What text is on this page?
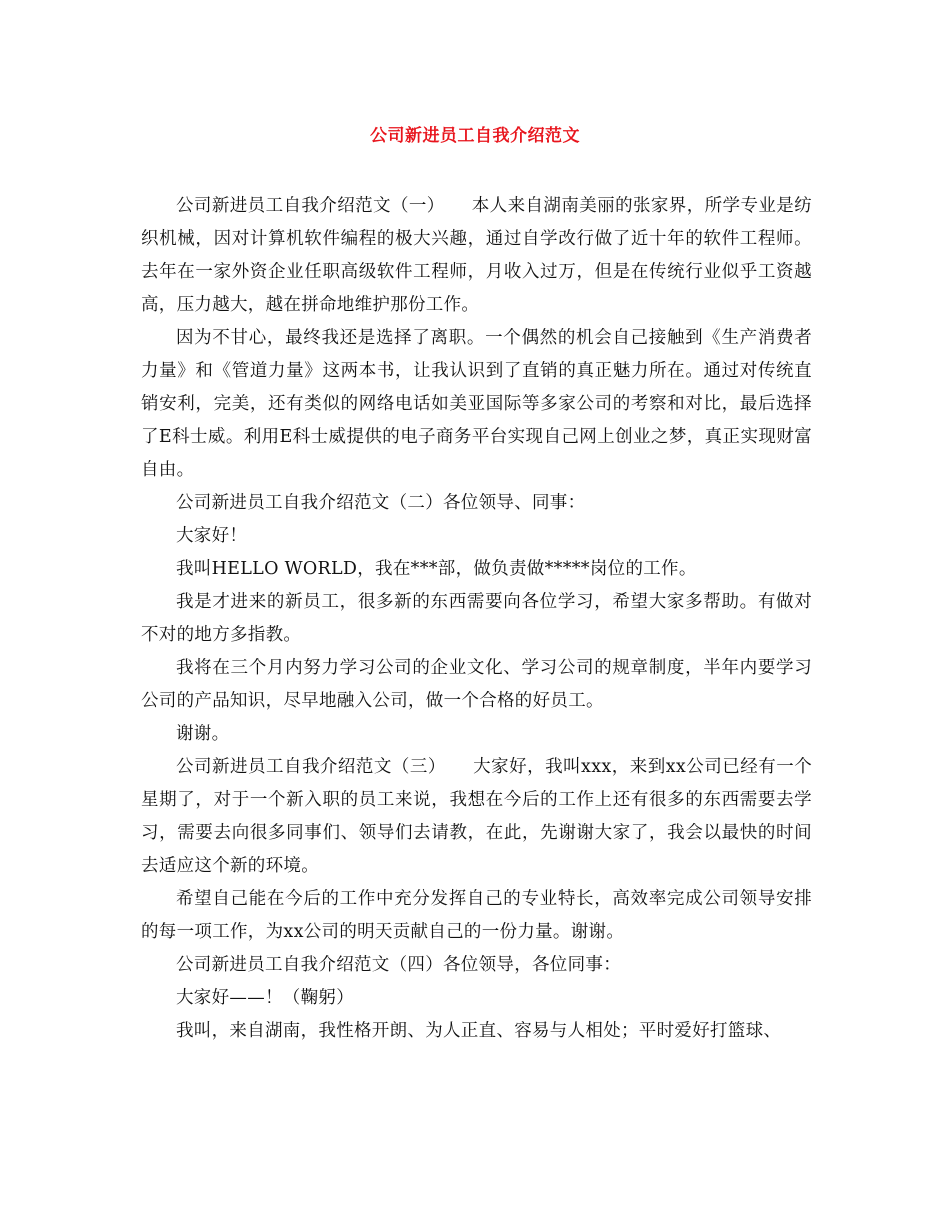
公司新进员工自我介绍范文

公司新进员工自我介绍范文（一）　　本人来自湖南美丽的张家界，所学专业是纺织机械，因对计算机软件编程的极大兴趣，通过自学改行做了近十年的软件工程师。去年在一家外资企业任职高级软件工程师，月收入过万，但是在传统行业似乎工资越高，压力越大，越在拼命地维护那份工作。

因为不甘心，最终我还是选择了离职。一个偶然的机会自己接触到《生产消费者力量》和《管道力量》这两本书，让我认识到了直销的真正魅力所在。通过对传统直销安利，完美，还有类似的网络电话如美亚国际等多家公司的考察和对比，最后选择了E科士威。利用E科士威提供的电子商务平台实现自己网上创业之梦，真正实现财富自由。

公司新进员工自我介绍范文（二）各位领导、同事：

大家好！

我叫HELLO WORLD，我在***部，做负责做*****岗位的工作。

我是才进来的新员工，很多新的东西需要向各位学习，希望大家多帮助。有做对不对的地方多指教。

我将在三个月内努力学习公司的企业文化、学习公司的规章制度，半年内要学习公司的产品知识，尽早地融入公司，做一个合格的好员工。

谢谢。

公司新进员工自我介绍范文（三）　　大家好，我叫xxx，来到xx公司已经有一个星期了，对于一个新入职的员工来说，我想在今后的工作上还有很多的东西需要去学习，需要去向很多同事们、领导们去请教，在此，先谢谢大家了，我会以最快的时间去适应这个新的环境。

希望自己能在今后的工作中充分发挥自己的专业特长，高效率完成公司领导安排的每一项工作，为xx公司的明天贡献自己的一份力量。谢谢。

公司新进员工自我介绍范文（四）各位领导，各位同事：

大家好——！（鞠躬）

我叫，来自湖南，我性格开朗、为人正直、容易与人相处；平时爱好打篮球、
